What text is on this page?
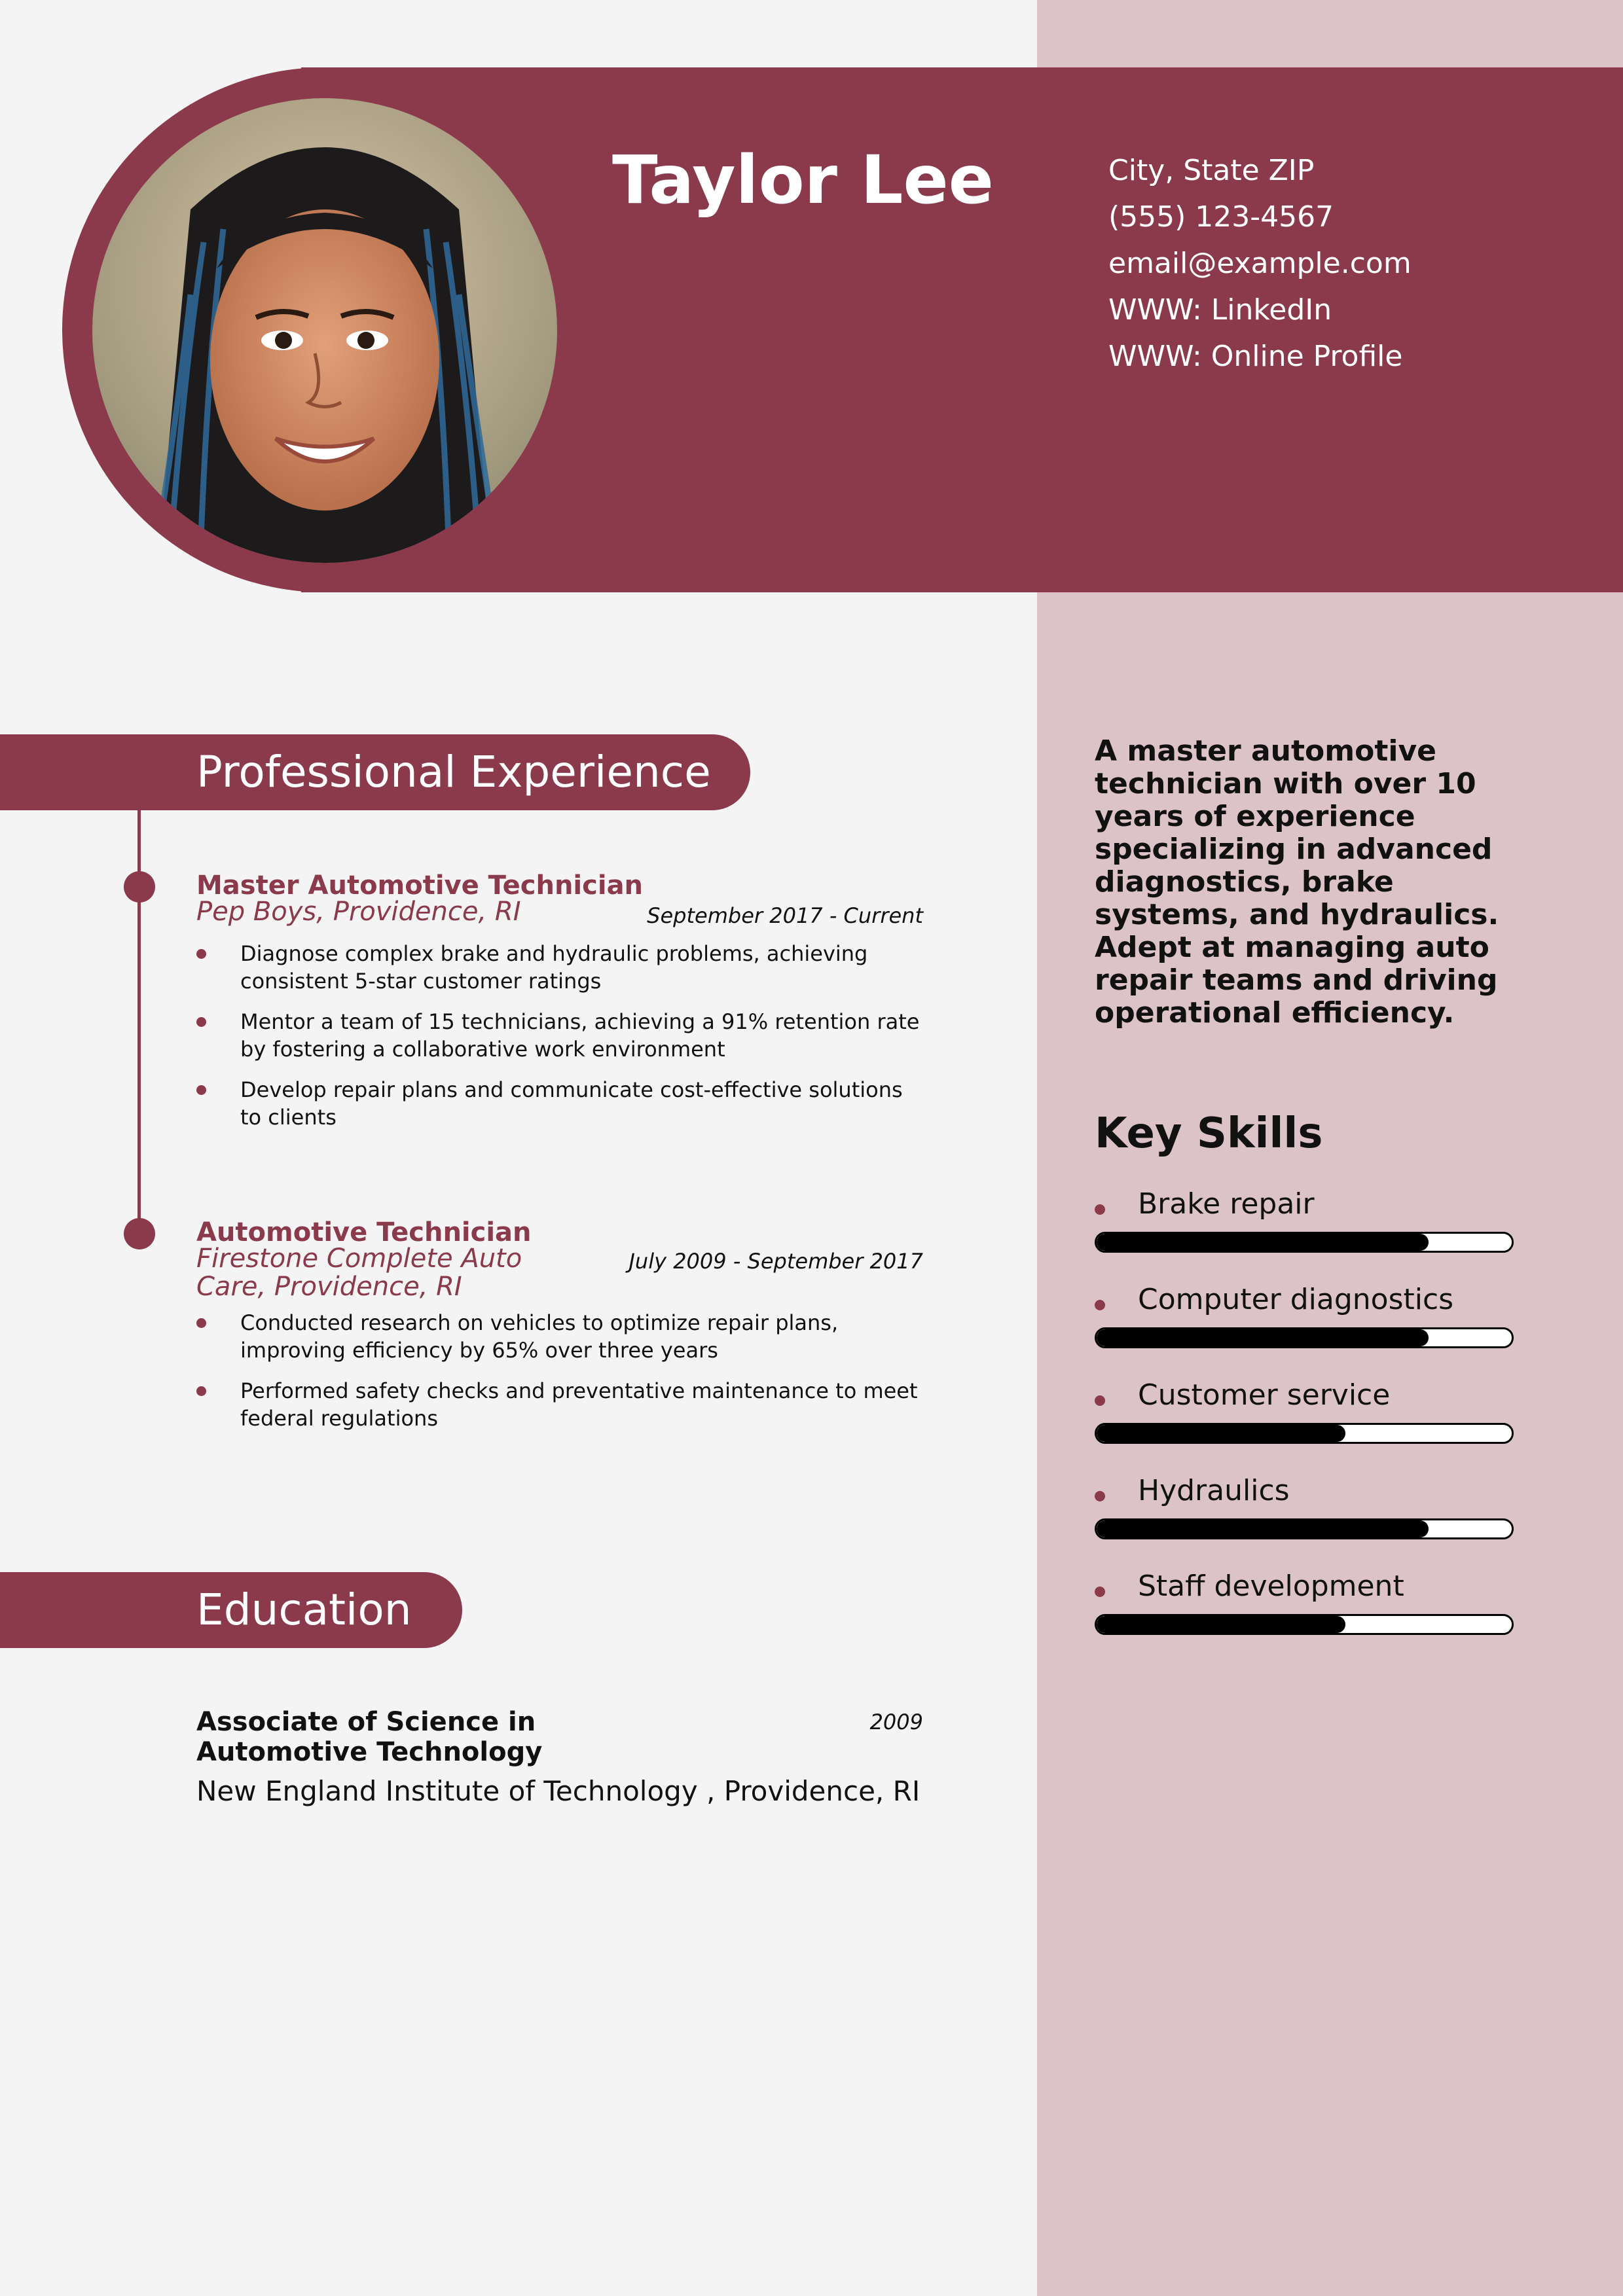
Taylor Lee	City, State ZIP
(555) 123-4567
email@example.com
WWW: LinkedIn
WWW: Online Profile
Professional Experience
Master Automotive Technician
Pep Boys, Providence, RI	September 2017 - Current
Diagnose complex brake and hydraulic problems, achieving consistent 5-star customer ratings
Mentor a team of 15 technicians, achieving a 91% retention rate by fostering a collaborative work environment
Develop repair plans and communicate cost-effective solutions to clients
Automotive Technician
Firestone Complete Auto
Care, Providence, RI
July 2009 - September 2017
Conducted research on vehicles to optimize repair plans, improving efficiency by 65% over three years
Performed safety checks and preventative maintenance to meet federal regulations
Education
Associate of Science in
Automotive Technology
2009
New England Institute of Technology , Providence, RI
A master automotive technician with over 10 years of experience specializing in advanced diagnostics, brake systems, and hydraulics. Adept at managing auto repair teams and driving operational efficiency.
Key Skills
Brake repair
Computer diagnostics
Customer service
Hydraulics
Staff development
